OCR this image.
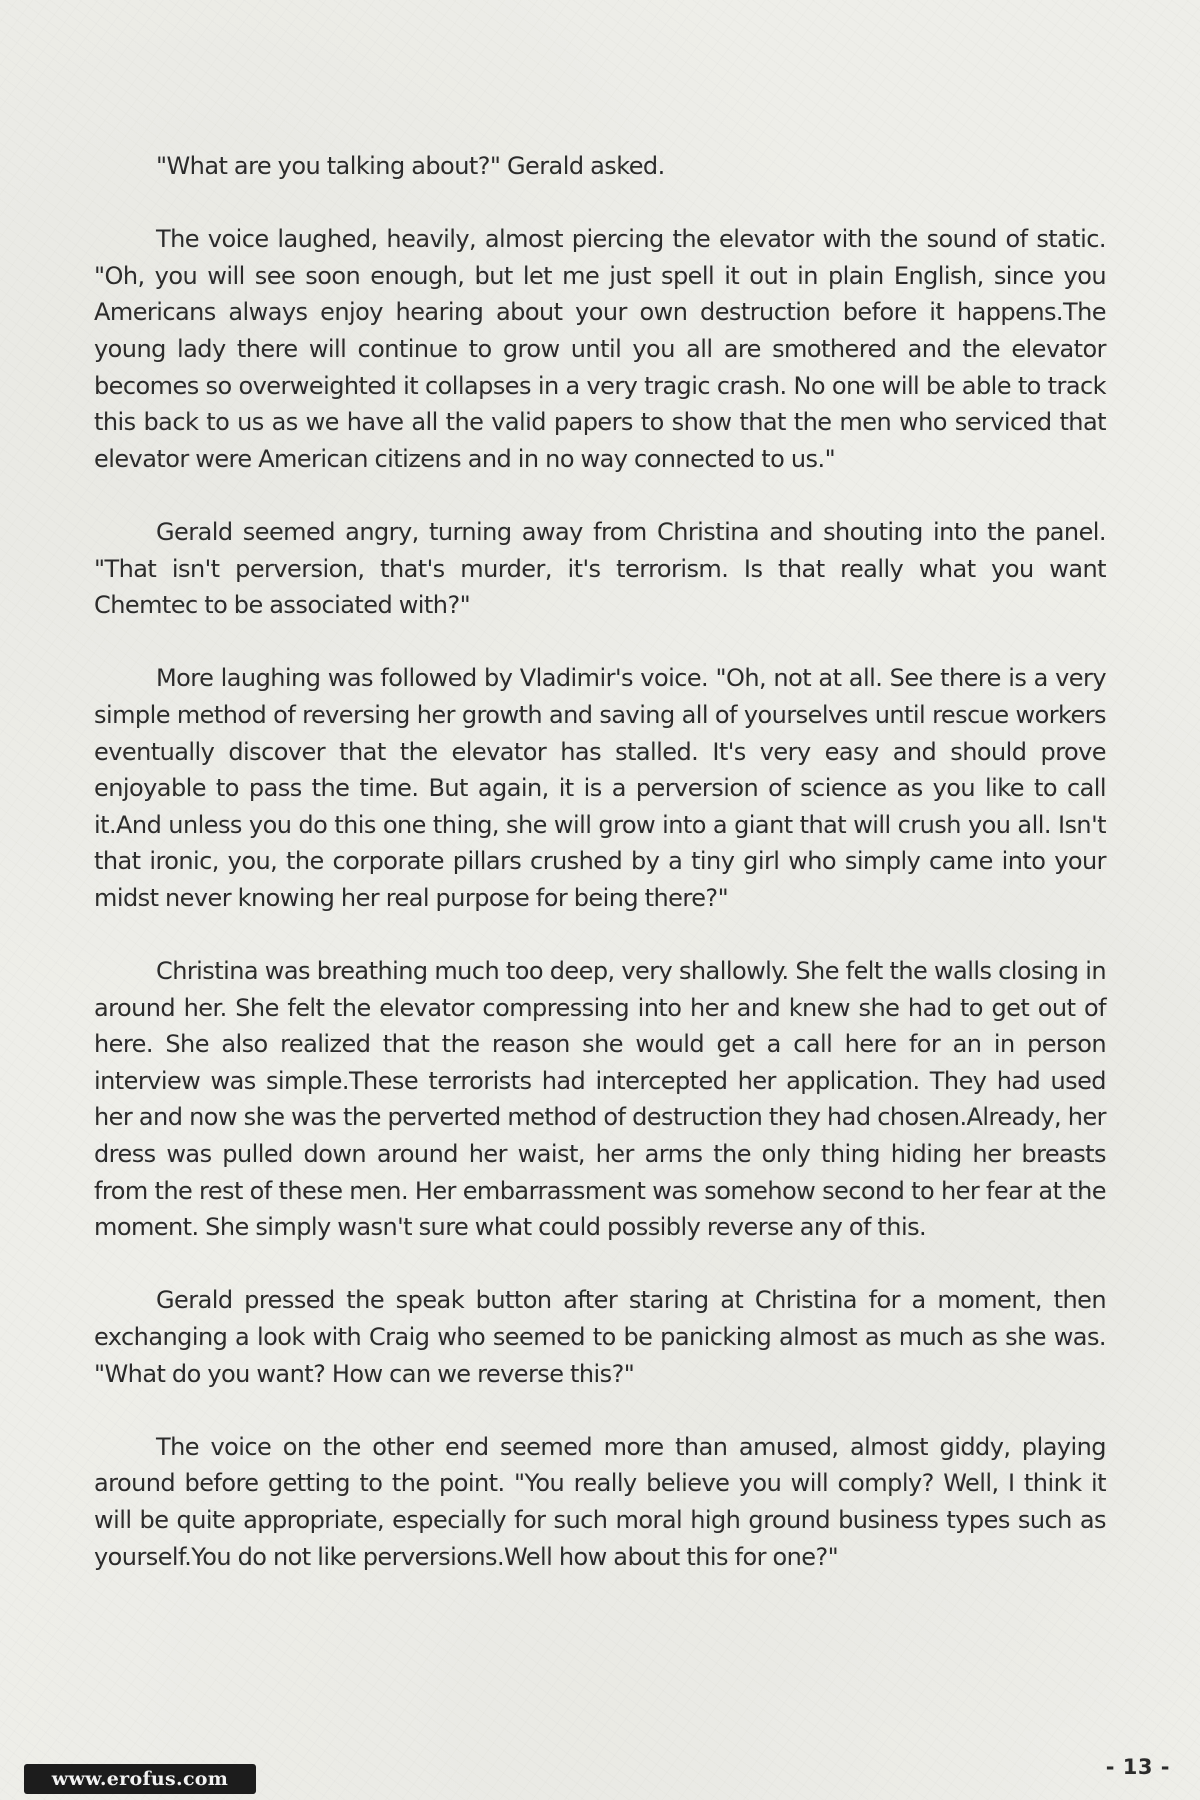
"What are you talking about?" Gerald asked.

The voice laughed, heavily, almost piercing the elevator with the sound of static. "Oh, you will see soon enough, but let me just spell it out in plain English, since you Americans always enjoy hearing about your own destruction before it happens.The young lady there will continue to grow until you all are smothered and the elevator becomes so overweighted it collapses in a very tragic crash. No one will be able to track this back to us as we have all the valid papers to show that the men who serviced that elevator were American citizens and in no way connected to us."

Gerald seemed angry, turning away from Christina and shouting into the panel. "That isn't perversion, that's murder, it's terrorism. Is that really what you want Chemtec to be associated with?"

More laughing was followed by Vladimir's voice. "Oh, not at all. See there is a very simple method of reversing her growth and saving all of yourselves until rescue workers eventually discover that the elevator has stalled. It's very easy and should prove enjoyable to pass the time. But again, it is a perversion of science as you like to call it.And unless you do this one thing, she will grow into a giant that will crush you all. Isn't that ironic, you, the corporate pillars crushed by a tiny girl who simply came into your midst never knowing her real purpose for being there?"

Christina was breathing much too deep, very shallowly. She felt the walls closing in around her. She felt the elevator compressing into her and knew she had to get out of here. She also realized that the reason she would get a call here for an in person interview was simple.These terrorists had intercepted her application. They had used her and now she was the perverted method of destruction they had chosen.Already, her dress was pulled down around her waist, her arms the only thing hiding her breasts from the rest of these men. Her embarrassment was somehow second to her fear at the moment. She simply wasn't sure what could possibly reverse any of this.

Gerald pressed the speak button after staring at Christina for a moment, then exchanging a look with Craig who seemed to be panicking almost as much as she was. "What do you want? How can we reverse this?"

The voice on the other end seemed more than amused, almost giddy, playing around before getting to the point. "You really believe you will comply? Well, I think it will be quite appropriate, especially for such moral high ground business types such as yourself.You do not like perversions.Well how about this for one?"

- 13 -
www.erofus.com
